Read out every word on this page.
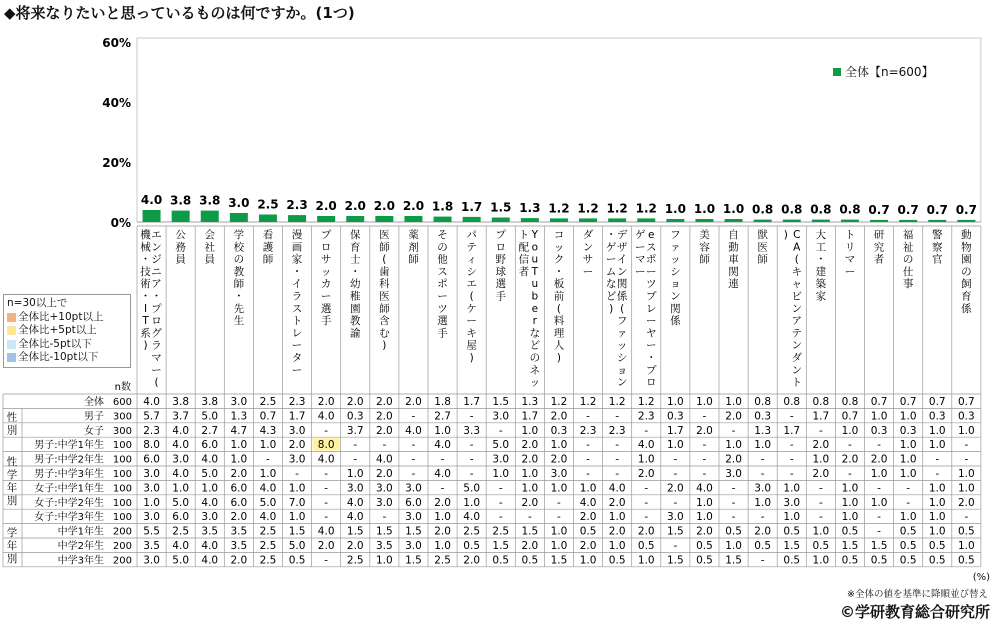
◆将来なりたいと思っているものは何ですか。(1つ)
60%
40%
20%
0%
4.0 3.8 3.8 3.0 2.5 2.3 2.0 2.0 2.0 2.0 1.8 1.7 1.5 1.3 1.2 1.2 1.2 1.2 1.0 1.0 1.0 0.8 0.8 0.8 0.8 0.7 0.7 0.7 0.7
エ
ン
ジ
ニ
ア
・
プ
ロ
グ
ラ
マ
ー
(
機
械
・
技
術
・
I
T
系
)
公
務
員
会
社
員
学
校
の
教
師
・
先
生
看
護
師
漫
画
家
・
イ
ラ
ス
ト
レ
ー
タ
ー
プ
ロ
サ
ッ
カ
ー
選
手
保
育
士
・
幼
稚
園
教
諭
医
師
(
歯
科
医
師
含
む
)
薬
剤
師
そ
の
他
ス
ポ
ー
ツ
選
手
パ
テ
ィ
シ
エ
(
ケ
ー
キ
屋
)
プ
ロ
野
球
選
手
Y
o
u
T
u
b
e
r
な
ど
の
ネ
ッ
ト
配
信
者
コ
ッ
ク
・
板
前
(
料
理
人
)
ダ
ン
サ
ー
デ
ザ
イ
ン
関
係
(
フ
ァ
ッ
シ
ョ
ン
・
ゲ
ー
ム
な
ど
)
e
ス
ポ
ー
ツ
プ
レ
ー
ヤ
ー
・
プ
ロ
ゲ
ー
マ
ー
フ
ァ
ッ
シ
ョ
ン
関
係
美
容
師
自
動
車
関
連
獣
医
師
C
A
(
キ
ャ
ビ
ン
ア
テ
ン
ダ
ン
ト
)	大
工
・
建
築
家
ト
リ
マ
ー
研
究
者
福
祉
の
仕
事
警
察
官
動
物
園
の
飼
育
係
n数
全体 600 4.0 3.8 3.8 3.0 2.5 2.3 2.0 2.0 2.0 2.0 1.8 1.7 1.5 1.3 1.2 1.2 1.2 1.2 1.0 1.0 1.0 0.8 0.8 0.8 0.8 0.7 0.7 0.7 0.7
男子 300 5.7 3.7 5.0 1.3 0.7 1.7 4.0 0.3 2.0 - 2.7 - 3.0 1.7 2.0 - - 2.3 0.3 - 2.0 0.3 - 1.7 0.7 1.0 1.0 0.3 0.3
女子 300 2.3 4.0 2.7 4.7 4.3 3.0 - 3.7 2.0 4.0 1.0 3.3 - 1.0 0.3 2.3 2.3 - 1.7 2.0 - 1.3 1.7 - 1.0 0.3 0.3 1.0 1.0
男子:中学1年生 100 8.0 4.0 6.0 1.0 1.0 2.0 8.0 - - - 4.0 - 5.0 2.0 1.0 - - 4.0 1.0 - 1.0 1.0 - 2.0 - - 1.0 1.0 -
男子:中学2年生 100 6.0 3.0 4.0 1.0 - 3.0 4.0 - 4.0 - - - 3.0 2.0 2.0 - - 1.0 - - 2.0 - - 1.0 2.0 2.0 1.0 - -
男子:中学3年生 100 3.0 4.0 5.0 2.0 1.0 - - 1.0 2.0 - 4.0 - 1.0 1.0 3.0 - - 2.0 - - 3.0 - - 2.0 - 1.0 1.0 - 1.0
女子:中学1年生 100 3.0 1.0 1.0 6.0 4.0 1.0 - 3.0 3.0 3.0 - 5.0 - 1.0 1.0 1.0 4.0 - 2.0 4.0 - 3.0 1.0 - 1.0 - - 1.0 1.0
女子:中学2年生 100 1.0 5.0 4.0 6.0 5.0 7.0 - 4.0 3.0 6.0 2.0 1.0 - 2.0 - 4.0 2.0 - - 1.0 - 1.0 3.0 - 1.0 1.0 - 1.0 2.0
女子:中学3年生 100 3.0 6.0 3.0 2.0 4.0 1.0 - 4.0 - 3.0 1.0 4.0 - - - 2.0 1.0 - 3.0 1.0 - - 1.0 - 1.0 - 1.0 1.0 -
中学1年生 200 5.5 2.5 3.5 3.5 2.5 1.5 4.0 1.5 1.5 1.5 2.0 2.5 2.5 1.5 1.0 0.5 2.0 2.0 1.5 2.0 0.5 2.0 0.5 1.0 0.5 - 0.5 1.0 0.5
中学2年生 200 3.5 4.0 4.0 3.5 2.5 5.0 2.0 2.0 3.5 3.0 1.0 0.5 1.5 2.0 1.0 2.0 1.0 0.5 - 0.5 1.0 0.5 1.5 0.5 1.5 1.5 0.5 0.5 1.0
中学3年生 200 3.0 5.0 4.0 2.0 2.5 0.5 - 2.5 1.0 1.5 2.5 2.0 0.5 0.5 1.5 1.0 0.5 1.0 1.5 0.5 1.5 - 0.5 1.0 0.5 0.5 0.5 0.5 0.5
性
別
性
学
年
別
学
年
別
全体【n=600】
n=30以上で
全体比+10pt以上
全体比+5pt以上
全体比-5pt以下
全体比-10pt以下
(%)
※全体の値を基準に降順並び替え
©学研教育総合研究所
